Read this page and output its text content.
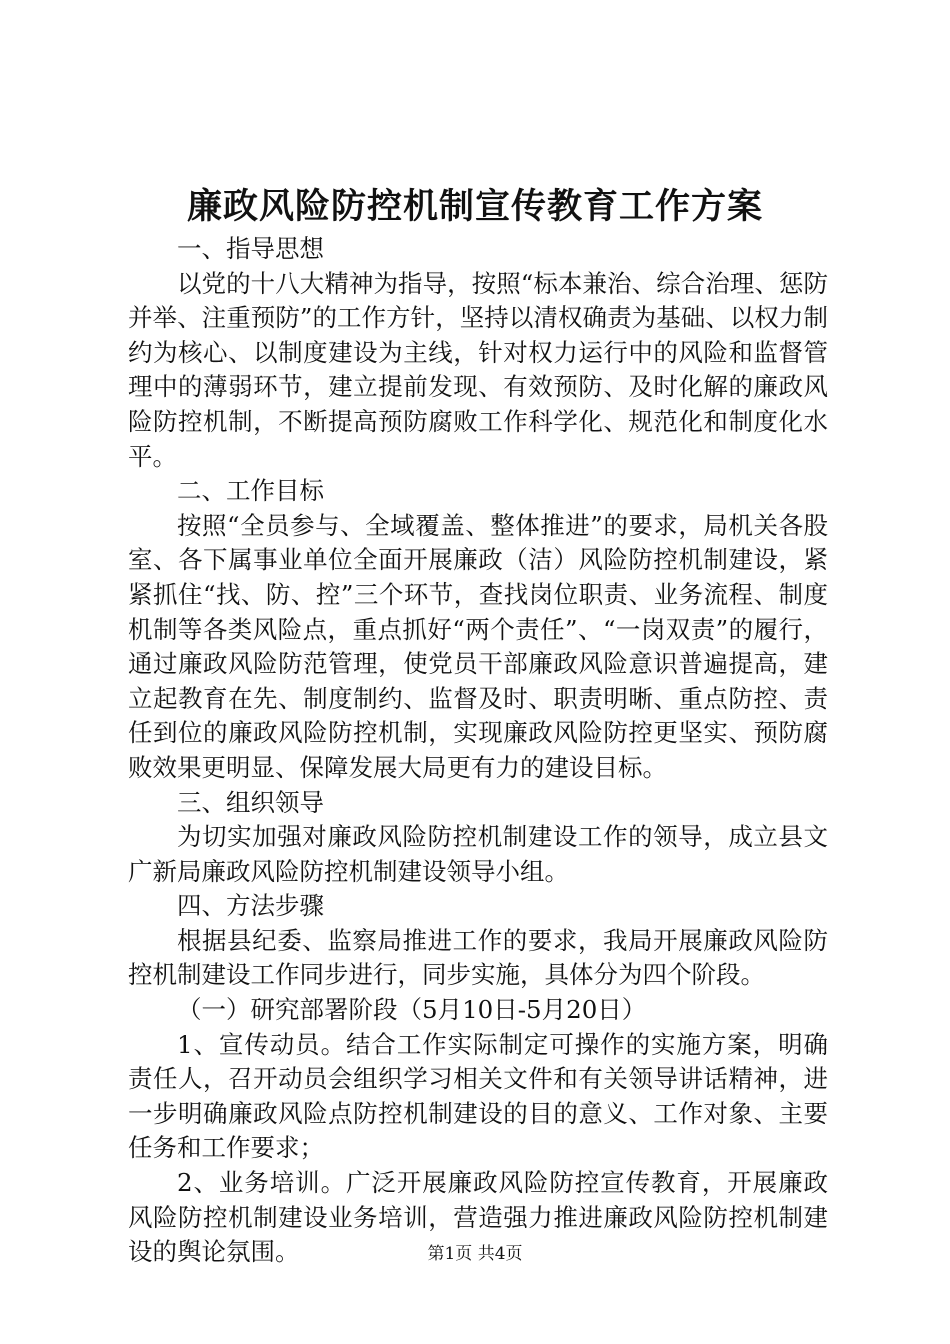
廉政风险防控机制宣传教育工作方案

一、指导思想

以党的十八大精神为指导，按照“标本兼治、综合治理、惩防并举、注重预防”的工作方针，坚持以清权确责为基础、以权力制约为核心、以制度建设为主线，针对权力运行中的风险和监督管理中的薄弱环节，建立提前发现、有效预防、及时化解的廉政风险防控机制，不断提高预防腐败工作科学化、规范化和制度化水平。

二、工作目标

按照“全员参与、全域覆盖、整体推进”的要求，局机关各股室、各下属事业单位全面开展廉政（洁）风险防控机制建设，紧紧抓住“找、防、控”三个环节，查找岗位职责、业务流程、制度机制等各类风险点，重点抓好“两个责任”、“一岗双责”的履行，通过廉政风险防范管理，使党员干部廉政风险意识普遍提高，建立起教育在先、制度制约、监督及时、职责明晰、重点防控、责任到位的廉政风险防控机制，实现廉政风险防控更坚实、预防腐败效果更明显、保障发展大局更有力的建设目标。

三、组织领导

为切实加强对廉政风险防控机制建设工作的领导，成立县文广新局廉政风险防控机制建设领导小组。

四、方法步骤

根据县纪委、监察局推进工作的要求，我局开展廉政风险防控机制建设工作同步进行，同步实施，具体分为四个阶段。

（一）研究部署阶段（5月10日-5月20日）

1、宣传动员。结合工作实际制定可操作的实施方案，明确责任人，召开动员会组织学习相关文件和有关领导讲话精神，进一步明确廉政风险点防控机制建设的目的意义、工作对象、主要任务和工作要求；

2、业务培训。广泛开展廉政风险防控宣传教育，开展廉政风险防控机制建设业务培训，营造强力推进廉政风险防控机制建设的舆论氛围。	第1页 共4页
